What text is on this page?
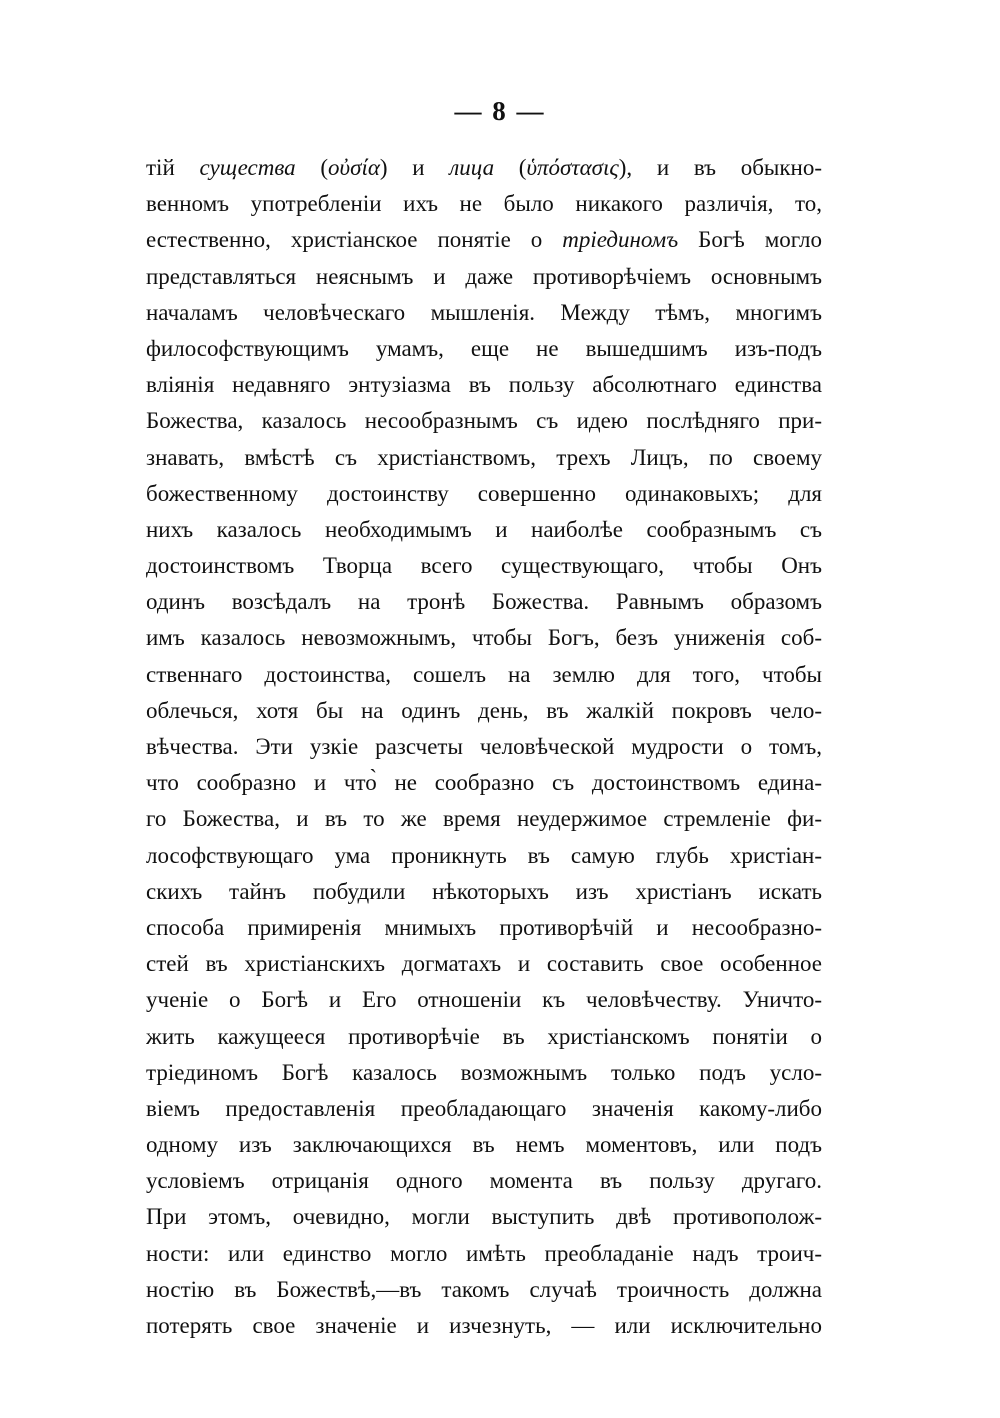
— 8 —
тій существа (οὐσία) и лица (ὑπόστασις), и въ обыкно-
венномъ употребленіи ихъ не было никакого различія, то,
естественно, христіанское понятіе о тріединомъ Богѣ могло
представляться неяснымъ и даже противорѣчіемъ основнымъ
началамъ человѣческаго мышленія. Между тѣмъ, многимъ
философствующимъ умамъ, еще не вышедшимъ изъ-подъ
вліянія недавняго энтузіазма въ пользу абсолютнаго единства
Божества, казалось несообразнымъ съ идею послѣдняго при-
знавать, вмѣстѣ съ христіанствомъ, трехъ Лицъ, по своему
божественному достоинству совершенно одинаковыхъ; для
нихъ казалось необходимымъ и наиболѣе сообразнымъ съ
достоинствомъ Творца всего существующаго, чтобы Онъ
одинъ возсѣдалъ на тронѣ Божества. Равнымъ образомъ
имъ казалось невозможнымъ, чтобы Богъ, безъ униженія соб-
ственнаго достоинства, сошелъ на землю для того, чтобы
облечься, хотя бы на одинъ день, въ жалкій покровъ чело-
вѣчества. Эти узкіе разсчеты человѣческой мудрости о томъ,
что сообразно и что̀ не сообразно съ достоинствомъ едина-
го Божества, и въ то же время неудержимое стремленіе фи-
лософствующаго ума проникнуть въ самую глубь христіан-
скихъ тайнъ побудили нѣкоторыхъ изъ христіанъ искать
способа примиренія мнимыхъ противорѣчій и несообразно-
стей въ христіанскихъ догматахъ и составить свое особенное
ученіе о Богѣ и Его отношеніи къ человѣчеству. Уничто-
жить кажущееся противорѣчіе въ христіанскомъ понятіи о
тріединомъ Богѣ казалось возможнымъ только подъ усло-
віемъ предоставленія преобладающаго значенія какому-либо
одному изъ заключающихся въ немъ моментовъ, или подъ
условіемъ отрицанія одного момента въ пользу другаго.
При этомъ, очевидно, могли выступить двѣ противополож-
ности: или единство могло имѣть преобладаніе надъ троич-
ностію въ Божествѣ,—въ такомъ случаѣ троичность должна
потерять свое значеніе и изчезнуть, — или исключительно
